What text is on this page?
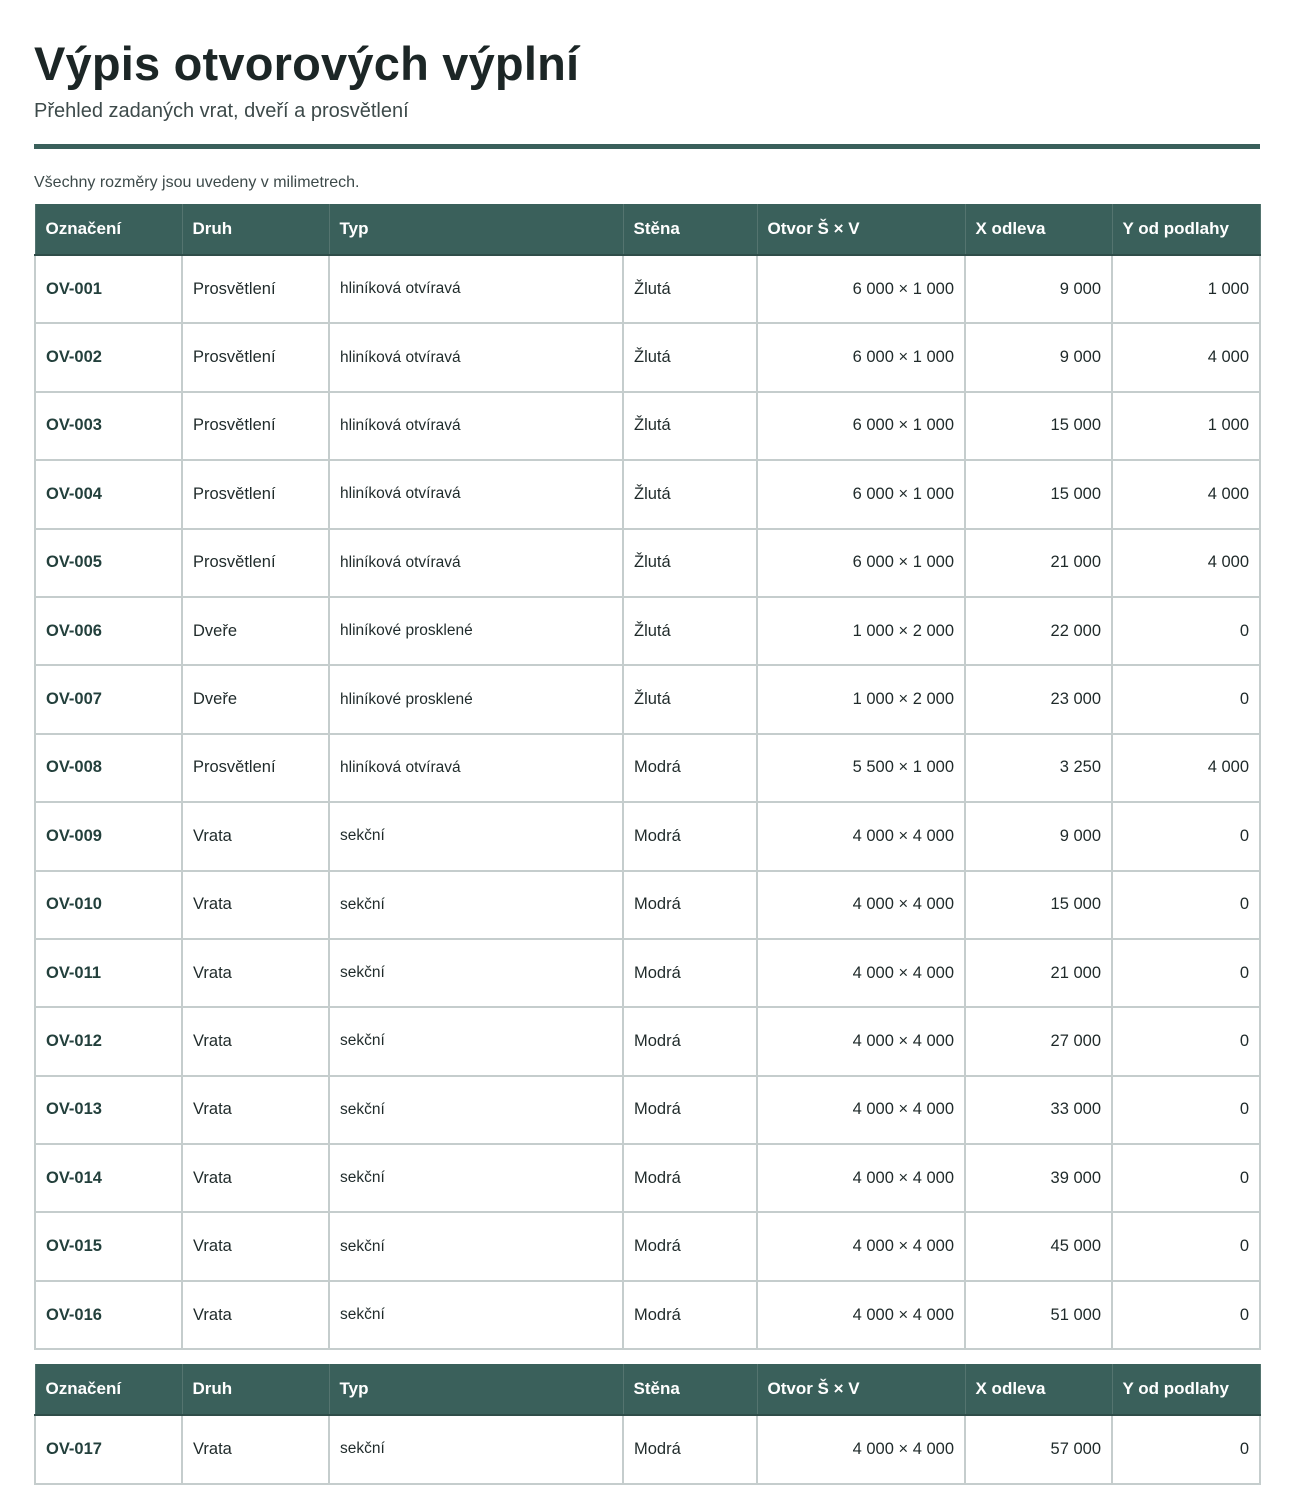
Výpis otvorových výplní

Přehled zadaných vrat, dveří a prosvětlení

Všechny rozměry jsou uvedeny v milimetrech.
Označení	Druh	Typ	Stěna	Otvor Š × V	X odleva	Y od podlahy
OV-001	Prosvětlení	hliníková otvíravá	Žlutá	6 000 × 1 000	9 000	1 000
OV-002	Prosvětlení	hliníková otvíravá	Žlutá	6 000 × 1 000	9 000	4 000
OV-003	Prosvětlení	hliníková otvíravá	Žlutá	6 000 × 1 000	15 000	1 000
OV-004	Prosvětlení	hliníková otvíravá	Žlutá	6 000 × 1 000	15 000	4 000
OV-005	Prosvětlení	hliníková otvíravá	Žlutá	6 000 × 1 000	21 000	4 000
OV-006	Dveře	hliníkové prosklené	Žlutá	1 000 × 2 000	22 000	0
OV-007	Dveře	hliníkové prosklené	Žlutá	1 000 × 2 000	23 000	0
OV-008	Prosvětlení	hliníková otvíravá	Modrá	5 500 × 1 000	3 250	4 000
OV-009	Vrata	sekční	Modrá	4 000 × 4 000	9 000	0
OV-010	Vrata	sekční	Modrá	4 000 × 4 000	15 000	0
OV-011	Vrata	sekční	Modrá	4 000 × 4 000	21 000	0
OV-012	Vrata	sekční	Modrá	4 000 × 4 000	27 000	0
OV-013	Vrata	sekční	Modrá	4 000 × 4 000	33 000	0
OV-014	Vrata	sekční	Modrá	4 000 × 4 000	39 000	0
OV-015	Vrata	sekční	Modrá	4 000 × 4 000	45 000	0
OV-016	Vrata	sekční	Modrá	4 000 × 4 000	51 000	0
Označení	Druh	Typ	Stěna	Otvor Š × V	X odleva	Y od podlahy
OV-017	Vrata	sekční	Modrá	4 000 × 4 000	57 000	0
